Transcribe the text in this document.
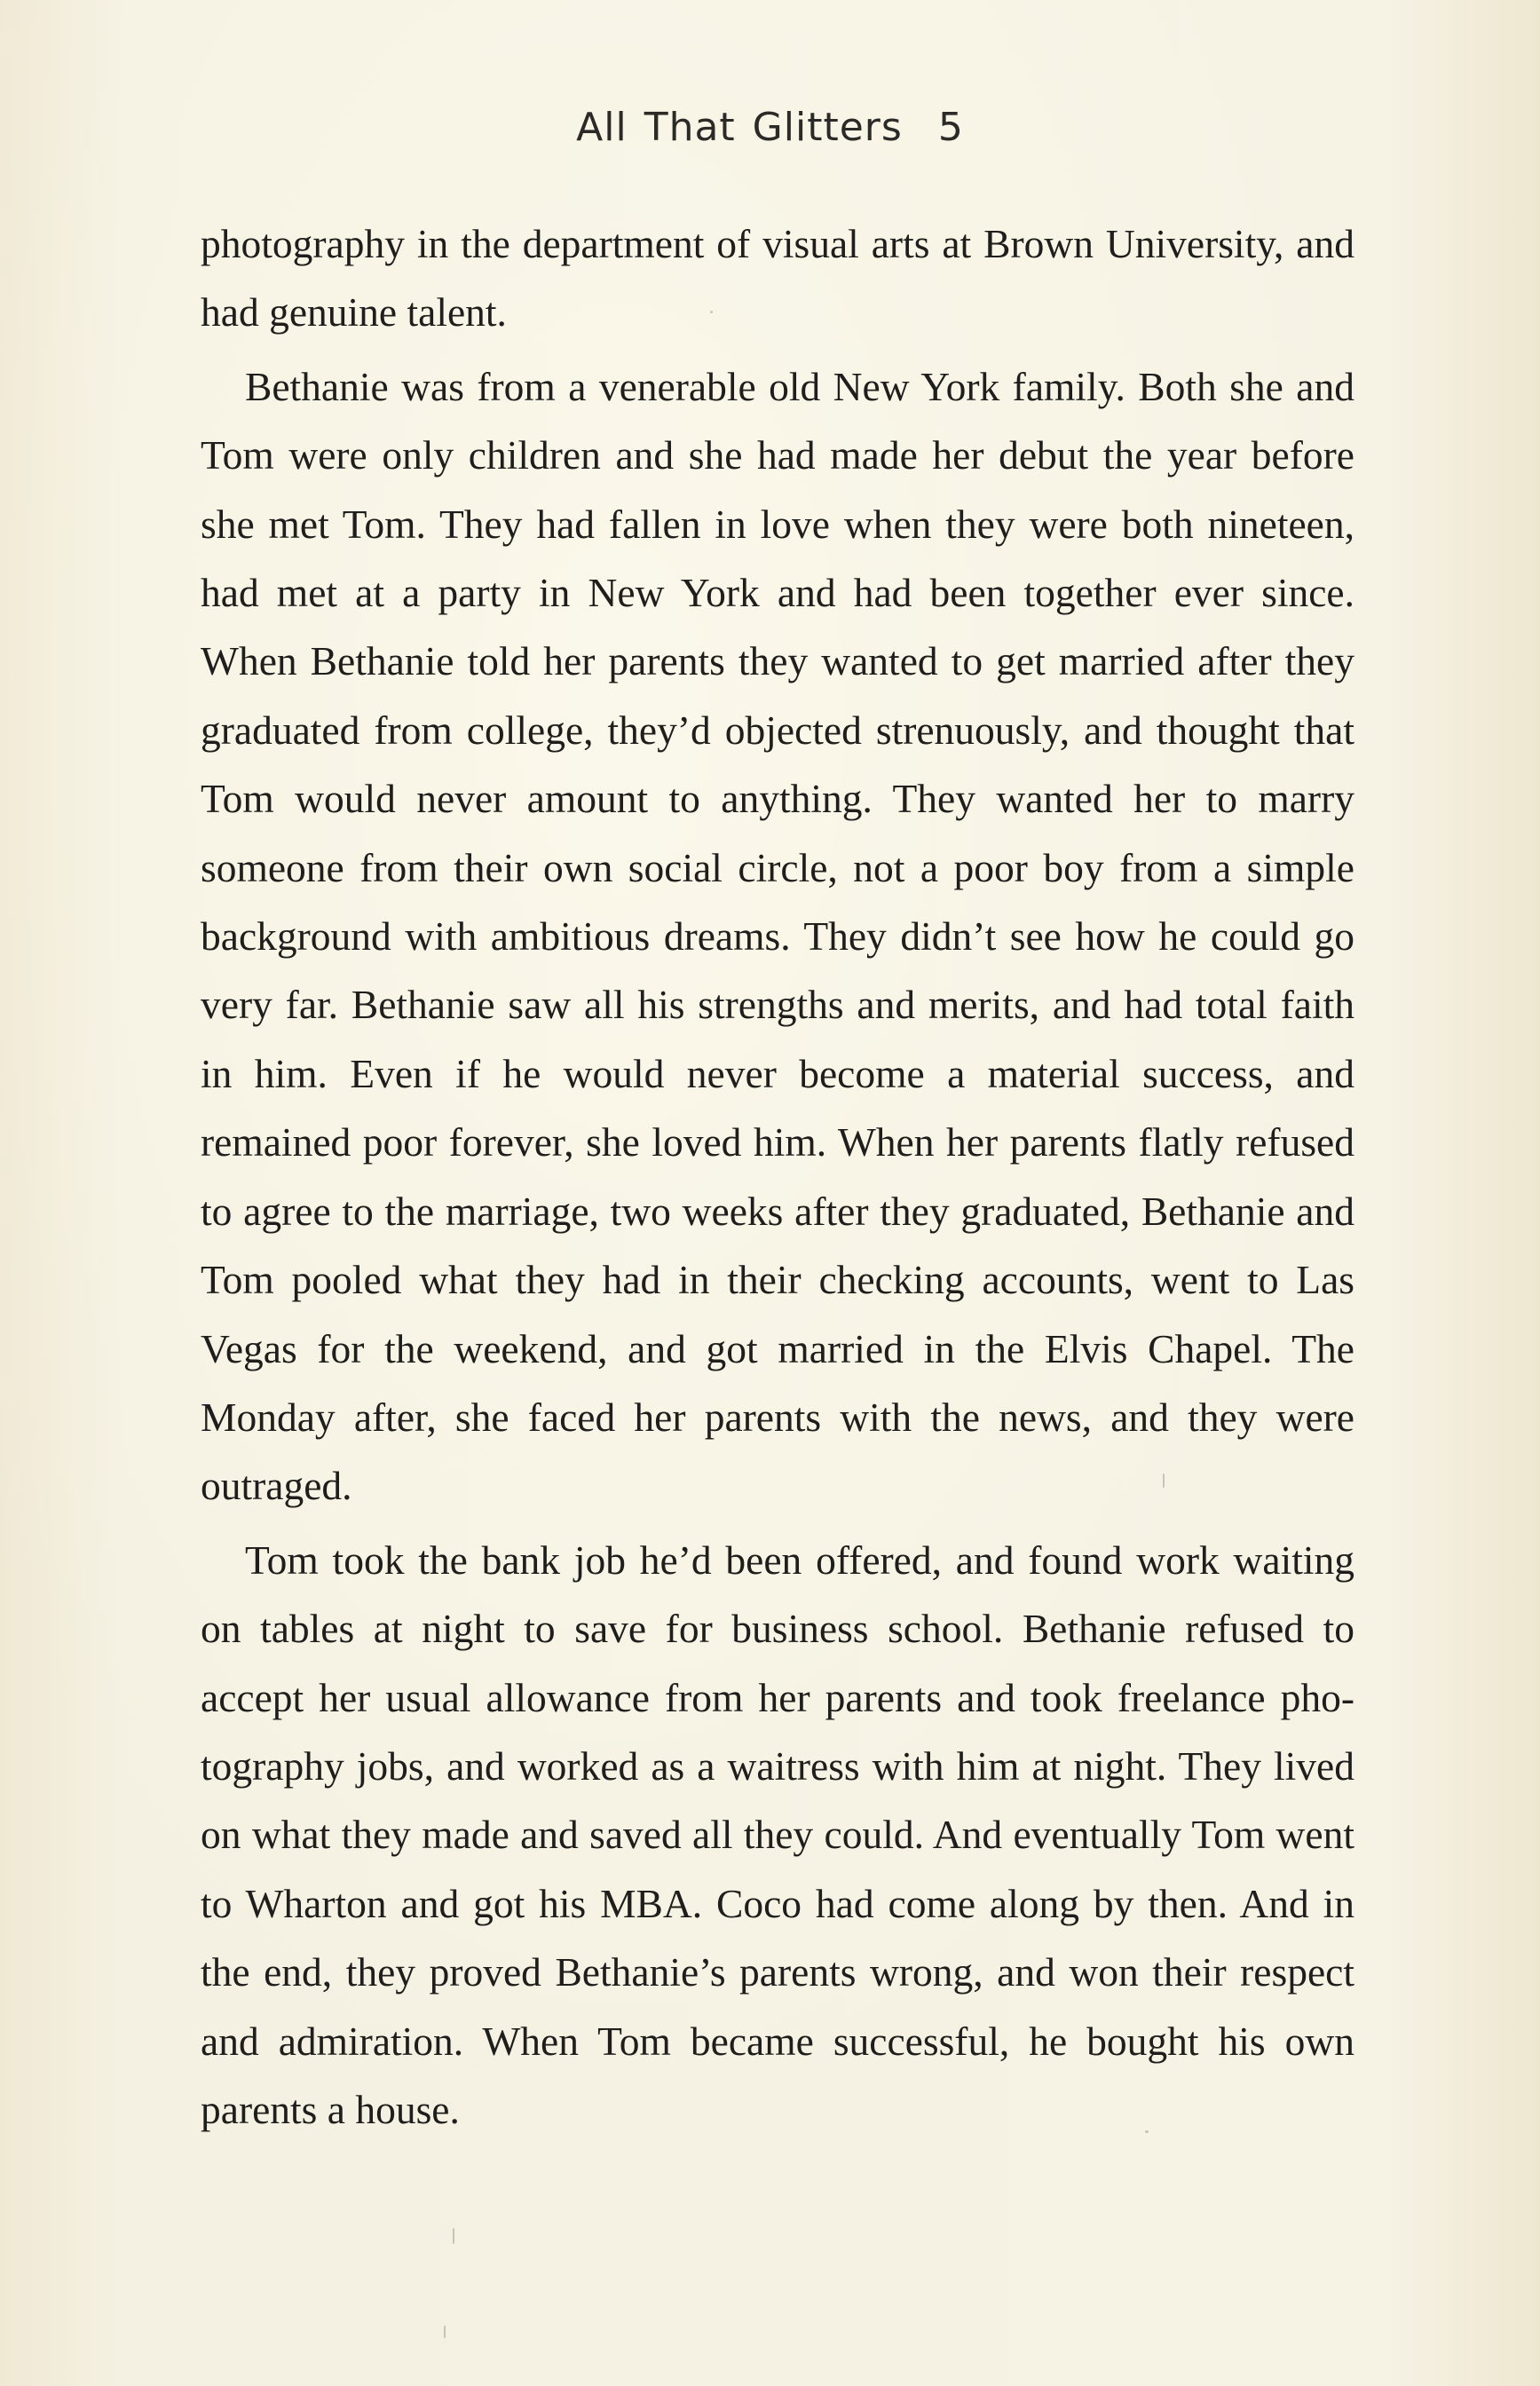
All That Glitters 5

photography in the department of visual arts at Brown University, and had genuine talent.

Bethanie was from a venerable old New York family. Both she and Tom were only children and she had made her debut the year before she met Tom. They had fallen in love when they were both nineteen, had met at a party in New York and had been together ever since. When Bethanie told her parents they wanted to get married after they graduated from college, they’d objected strenuously, and thought that Tom would never amount to anything. They wanted her to marry someone from their own social circle, not a poor boy from a simple background with ambitious dreams. They didn’t see how he could go very far. Bethanie saw all his strengths and merits, and had total faith in him. Even if he would never become a material success, and remained poor forever, she loved him. When her parents flatly refused to agree to the marriage, two weeks after they graduated, Bethanie and Tom pooled what they had in their checking accounts, went to Las Vegas for the weekend, and got married in the Elvis Chapel. The Monday after, she faced her parents with the news, and they were outraged.

Tom took the bank job he’d been offered, and found work waiting on tables at night to save for business school. Bethanie refused to accept her usual allowance from her parents and took freelance photography jobs, and worked as a waitress with him at night. They lived on what they made and saved all they could. And eventually Tom went to Wharton and got his MBA. Coco had come along by then. And in the end, they proved Bethanie’s parents wrong, and won their respect and admiration. When Tom became successful, he bought his own parents a house.
